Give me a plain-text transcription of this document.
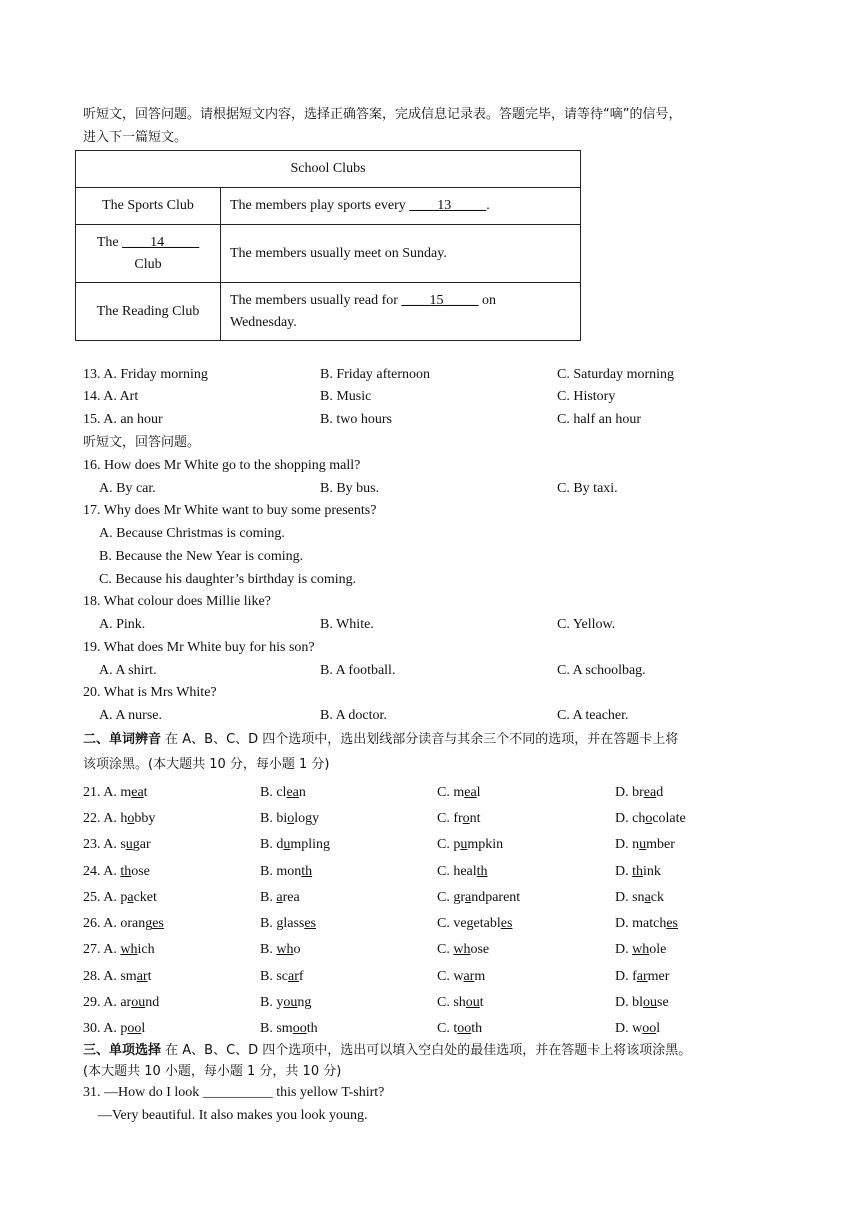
听短文，回答问题。请根据短文内容，选择正确答案，完成信息记录表。答题完毕，请等待“嘀”的信号，
进入下一篇短文。
School Clubs	
The Sports Club	The members play sports every ____13_____.
The ____14_____
Club	The members usually meet on Sunday.
The Reading Club	The members usually read for ____15_____ on
Wednesday.
13. A. Friday morning	B. Friday afternoon	C. Saturday morning
14. A. Art	B. Music	C. History
15. A. an hour	B. two hours	C. half an hour
听短文，回答问题。
16. How does Mr White go to the shopping mall?
A. By car.	B. By bus.	C. By taxi.
17. Why does Mr White want to buy some presents?
A. Because Christmas is coming.
B. Because the New Year is coming.
C. Because his daughter’s birthday is coming.
18. What colour does Millie like?
A. Pink.	B. White.	C. Yellow.
19. What does Mr White buy for his son?
A. A shirt.	B. A football.	C. A schoolbag.
20. What is Mrs White?
A. A nurse.	B. A doctor.	C. A teacher.
二、单词辨音 在 A、B、C、D 四个选项中，选出划线部分读音与其余三个不同的选项，并在答题卡上将
该项涂黑。(本大题共 10 分，每小题 1 分)
21. A. meat	B. clean	C. meal	D. bread
22. A. hobby	B. biology	C. front	D. chocolate
23. A. sugar	B. dumpling	C. pumpkin	D. number
24. A. those	B. month	C. health	D. think
25. A. packet	B. area	C. grandparent	D. snack
26. A. oranges	B. glasses	C. vegetables	D. matches
27. A. which	B. who	C. whose	D. whole
28. A. smart	B. scarf	C. warm	D. farmer
29. A. around	B. young	C. shout	D. blouse
30. A. pool	B. smooth	C. tooth	D. wool
三、单项选择 在 A、B、C、D 四个选项中，选出可以填入空白处的最佳选项，并在答题卡上将该项涂黑。
(本大题共 10 小题，每小题 1 分，共 10 分)
31. —How do I look __________ this yellow T-shirt?
—Very beautiful. It also makes you look young.
